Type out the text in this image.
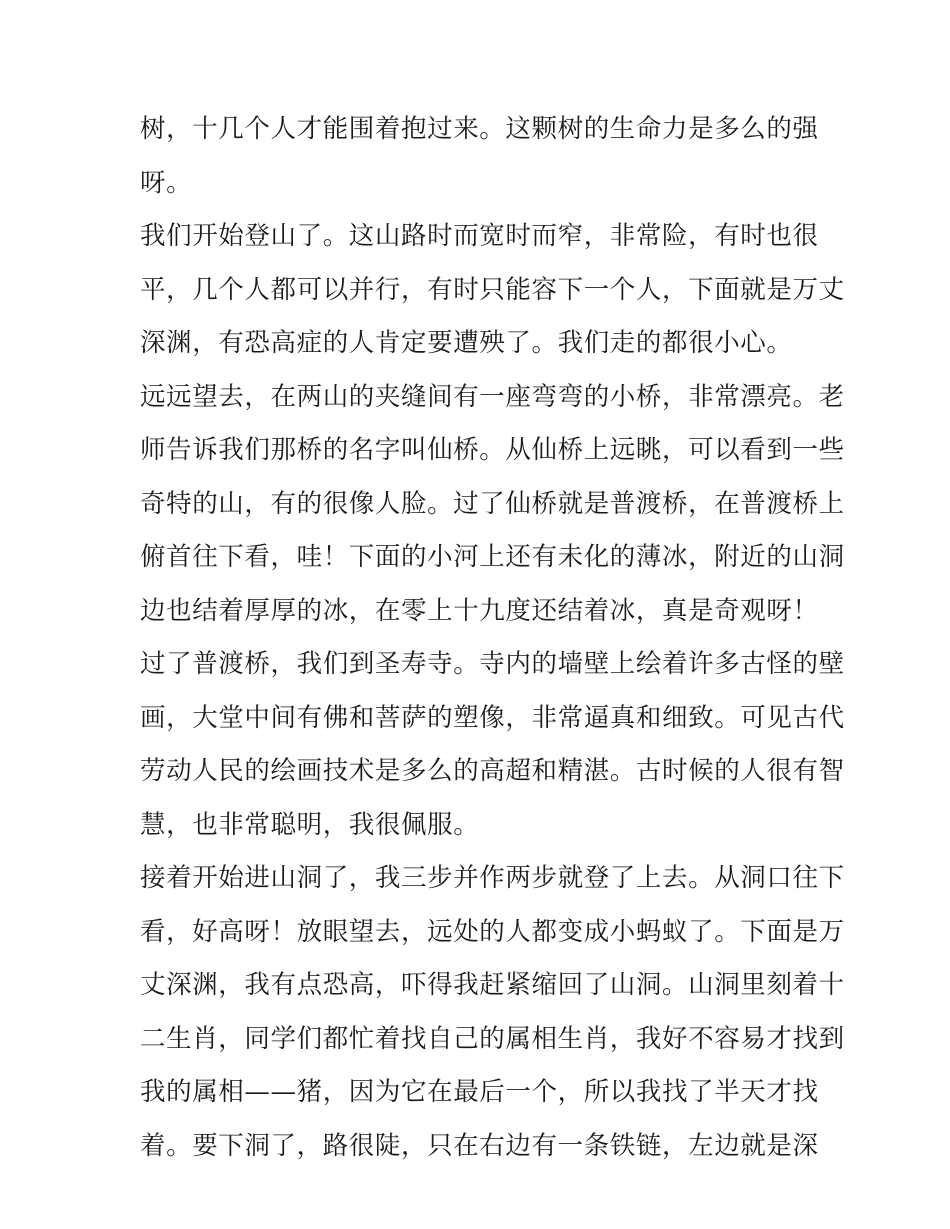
树，十几个人才能围着抱过来。这颗树的生命力是多么的强
呀。
我们开始登山了。这山路时而宽时而窄，非常险，有时也很
平，几个人都可以并行，有时只能容下一个人，下面就是万丈
深渊，有恐高症的人肯定要遭殃了。我们走的都很小心。
远远望去，在两山的夹缝间有一座弯弯的小桥，非常漂亮。老
师告诉我们那桥的名字叫仙桥。从仙桥上远眺，可以看到一些
奇特的山，有的很像人脸。过了仙桥就是普渡桥，在普渡桥上
俯首往下看，哇！下面的小河上还有未化的薄冰，附近的山洞
边也结着厚厚的冰，在零上十九度还结着冰，真是奇观呀！
过了普渡桥，我们到圣寿寺。寺内的墙壁上绘着许多古怪的壁
画，大堂中间有佛和菩萨的塑像，非常逼真和细致。可见古代
劳动人民的绘画技术是多么的高超和精湛。古时候的人很有智
慧，也非常聪明，我很佩服。
接着开始进山洞了，我三步并作两步就登了上去。从洞口往下
看，好高呀！放眼望去，远处的人都变成小蚂蚁了。下面是万
丈深渊，我有点恐高，吓得我赶紧缩回了山洞。山洞里刻着十
二生肖，同学们都忙着找自己的属相生肖，我好不容易才找到
我的属相——猪，因为它在最后一个，所以我找了半天才找
着。要下洞了，路很陡，只在右边有一条铁链，左边就是深
